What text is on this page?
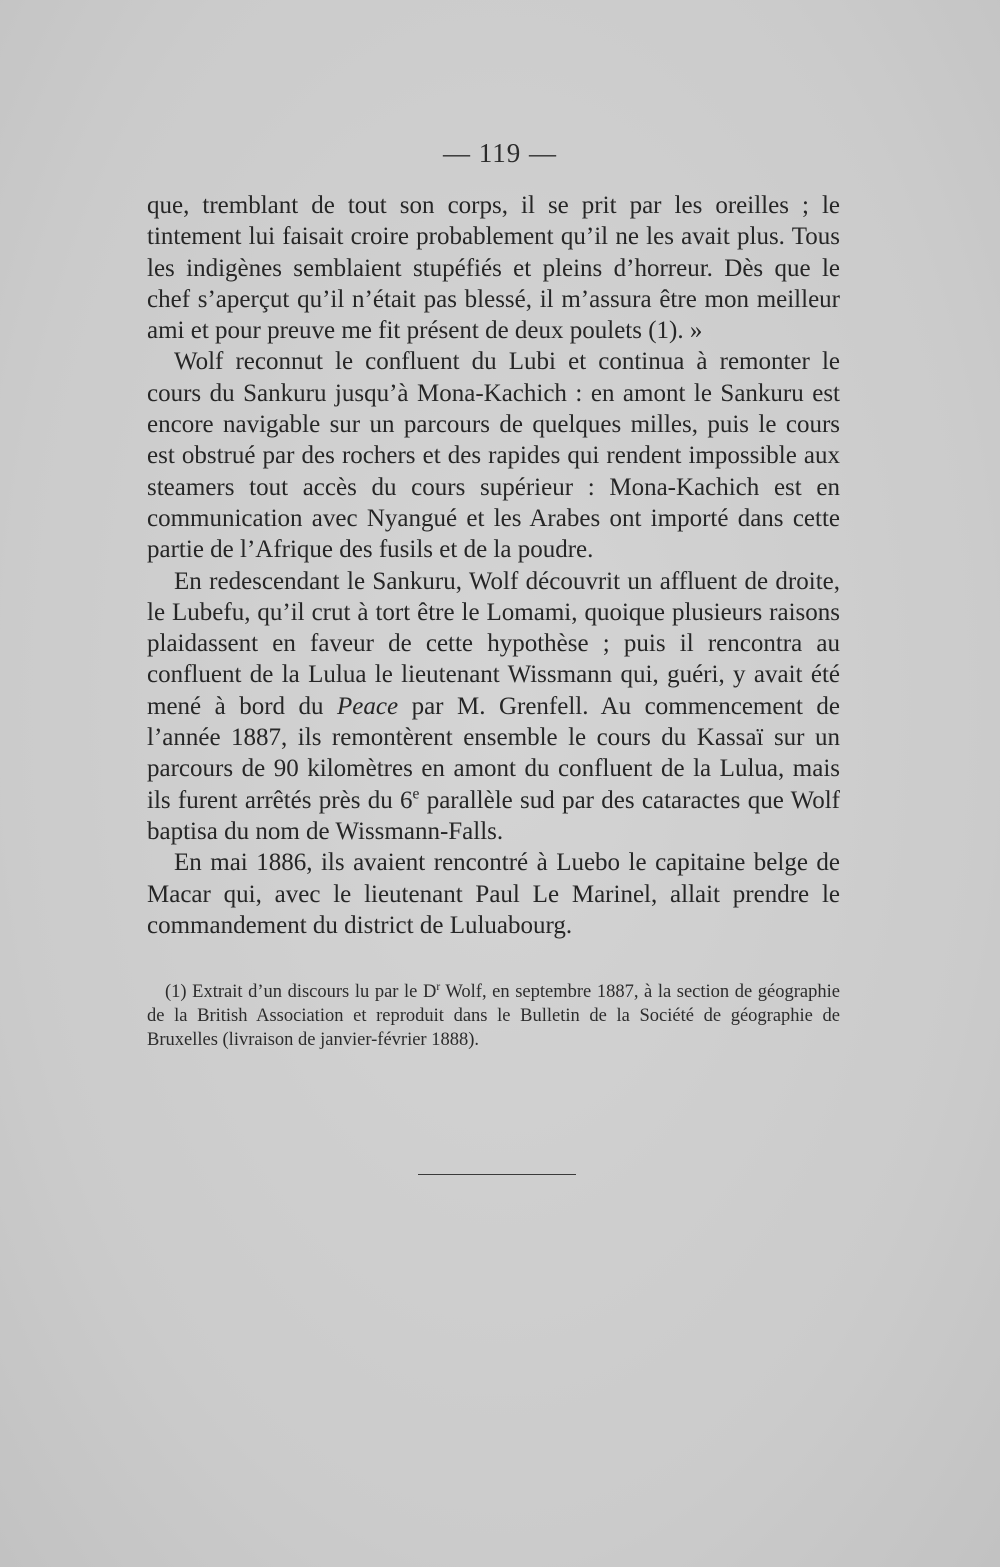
— 119 —

que, tremblant de tout son corps, il se prit par les oreilles ; le tintement lui faisait croire probablement qu’il ne les avait plus. Tous les indigènes semblaient stupéfiés et pleins d’horreur. Dès que le chef s’aperçut qu’il n’était pas blessé, il m’assura être mon meilleur ami et pour preuve me fit présent de deux poulets (1). »

Wolf reconnut le confluent du Lubi et continua à remonter le cours du Sankuru jusqu’à Mona-Kachich : en amont le Sankuru est encore navigable sur un parcours de quelques milles, puis le cours est obstrué par des rochers et des rapides qui rendent impossible aux steamers tout accès du cours supérieur : Mona-Kachich est en communication avec Nyangué et les Arabes ont importé dans cette partie de l’Afrique des fusils et de la poudre.

En redescendant le Sankuru, Wolf découvrit un affluent de droite, le Lubefu, qu’il crut à tort être le Lomami, quoique plusieurs raisons plaidassent en faveur de cette hypothèse ; puis il rencontra au confluent de la Lulua le lieutenant Wissmann qui, guéri, y avait été mené à bord du Peace par M. Grenfell. Au commencement de l’année 1887, ils remontèrent ensemble le cours du Kassaï sur un parcours de 90 kilomètres en amont du confluent de la Lulua, mais ils furent arrêtés près du 6e parallèle sud par des cataractes que Wolf baptisa du nom de Wissmann-Falls.

En mai 1886, ils avaient rencontré à Luebo le capitaine belge de Macar qui, avec le lieutenant Paul Le Marinel, allait prendre le commandement du district de Luluabourg.

(1) Extrait d’un discours lu par le $D^r$ Wolf, en septembre 1887, à la section de géographie de la British Association et reproduit dans le Bulletin de la Société de géographie de Bruxelles (livraison de janvier-février 1888).
